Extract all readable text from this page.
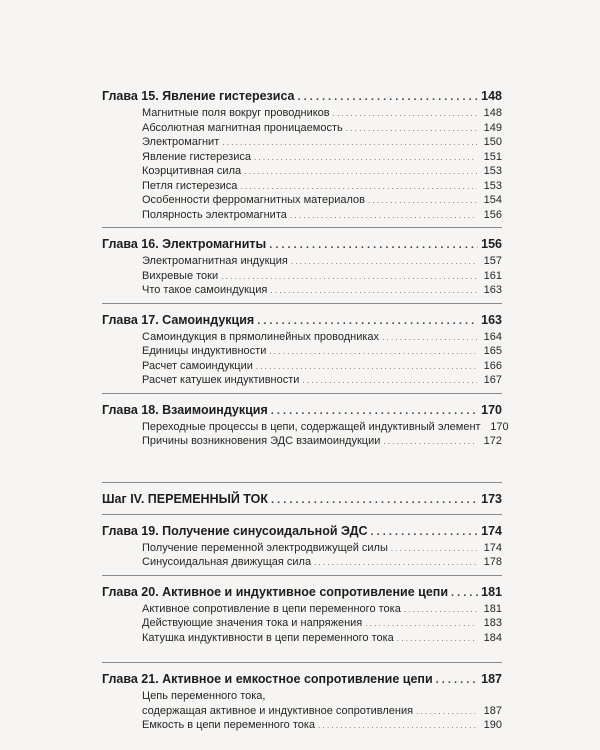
Глава 15. Явление гистерезиса . . .	148
Магнитные поля вокруг проводников . . .	148
Абсолютная магнитная проницаемость . . .	149
Электромагнит . . .	150
Явление гистерезиса . . .	151
Коэрцитивная сила . . .	153
Петля гистерезиса . . .	153
Особенности ферромагнитных материалов . . .	154
Полярность электромагнита . . .	156
Глава 16. Электромагниты . . .	156
Электромагнитная индукция . . .	157
Вихревые токи . . .	161
Что такое самоиндукция . . .	163
Глава 17. Самоиндукция . . .	163
Самоиндукция в прямолинейных проводниках . . .	164
Единицы индуктивности . . .	165
Расчет самоиндукции . . .	166
Расчет катушек индуктивности . . .	167
Глава 18. Взаимоиндукция . . .	170
Переходные процессы в цепи, содержащей индуктивный элемент 170
Причины возникновения ЭДС взаимоиндукции . . .	172
Шаг IV. ПЕРЕМЕННЫЙ ТОК . . .	173
Глава 19. Получение синусоидальной ЭДС . . .	174
Получение переменной электродвижущей силы . . .	174
Синусоидальная движущая сила . . .	178
Глава 20. Активное и индуктивное сопротивление цепи . . .	181
Активное сопротивление в цепи переменного тока . . .	181
Действующие значения тока и напряжения . . .	183
Катушка индуктивности в цепи переменного тока . . .	184
Глава 21. Активное и емкостное сопротивление цепи . . .	187
Цепь переменного тока,
содержащая активное и индуктивное сопротивления . . .	187
Емкость в цепи переменного тока . . .	190
